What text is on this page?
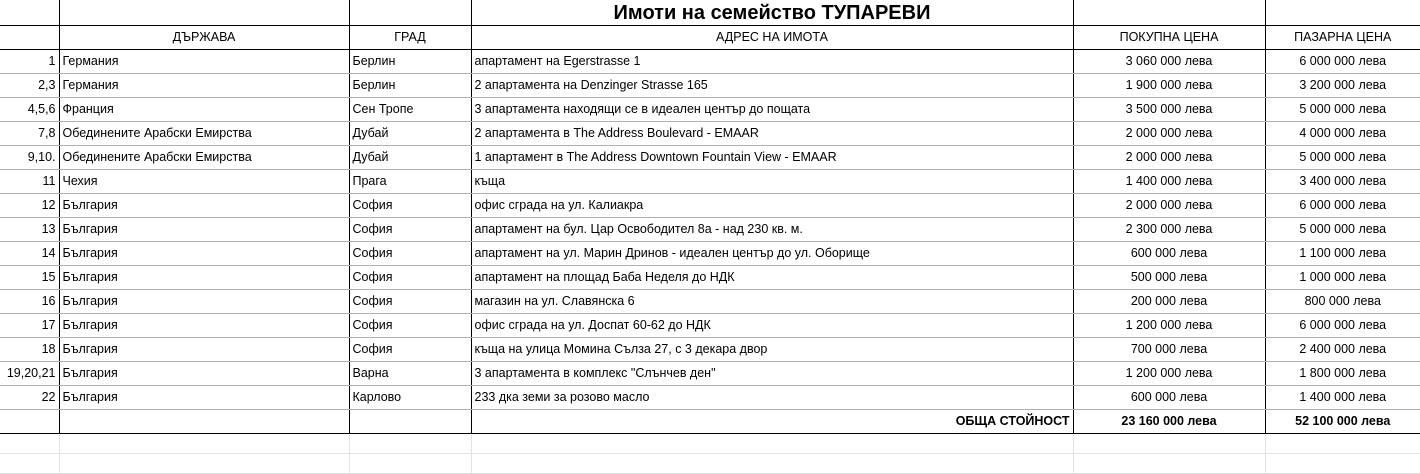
			Имоти на семейство ТУПАРЕВИ		
	ДЪРЖАВА	ГРАД	АДРЕС НА ИМОТА	ПОКУПНА ЦЕНА	ПАЗАРНА ЦЕНА
1	Германия	Берлин	апартамент на Egerstrasse 1	3 060 000 лева	6 000 000 лева
2,3	Германия	Берлин	2 апартамента на Denzinger Strasse 165	1 900 000 лева	3 200 000 лева
4,5,6	Франция	Сен Тропе	3 апартамента находящи се в идеален център до пощата	3 500 000 лева	5 000 000 лева
7,8	Обединените Арабски Емирства	Дубай	2 апартамента в The Address Boulevard - EMAAR	2 000 000 лева	4 000 000 лева
9,10.	Обединените Арабски Емирства	Дубай	1 апартамент в The Address Downtown Fountain View - EMAAR	2 000 000 лева	5 000 000 лева
11	Чехия	Прага	къща	1 400 000 лева	3 400 000 лева
12	България	София	офис сграда на ул. Калиакра	2 000 000 лева	6 000 000 лева
13	България	София	апартамент на бул. Цар Освободител 8а - над 230 кв. м.	2 300 000 лева	5 000 000 лева
14	България	София	апартамент на ул. Марин Дринов - идеален център до ул. Оборище	600 000 лева	1 100 000 лева
15	България	София	апартамент на площад Баба Неделя до НДК	500 000 лева	1 000 000 лева
16	България	София	магазин на ул. Славянска 6	200 000 лева	800 000 лева
17	България	София	офис сграда на ул. Доспат 60-62 до НДК	1 200 000 лева	6 000 000 лева
18	България	София	къща на улица Момина Сълза 27, с 3 декара двор	700 000 лева	2 400 000 лева
19,20,21	България	Варна	3 апартамента в комплекс "Слънчев ден"	1 200 000 лева	1 800 000 лева
22	България	Карлово	233 дка земи за розово масло	600 000 лева	1 400 000 лева
			ОБЩА СТОЙНОСТ	23 160 000 лева	52 100 000 лева
